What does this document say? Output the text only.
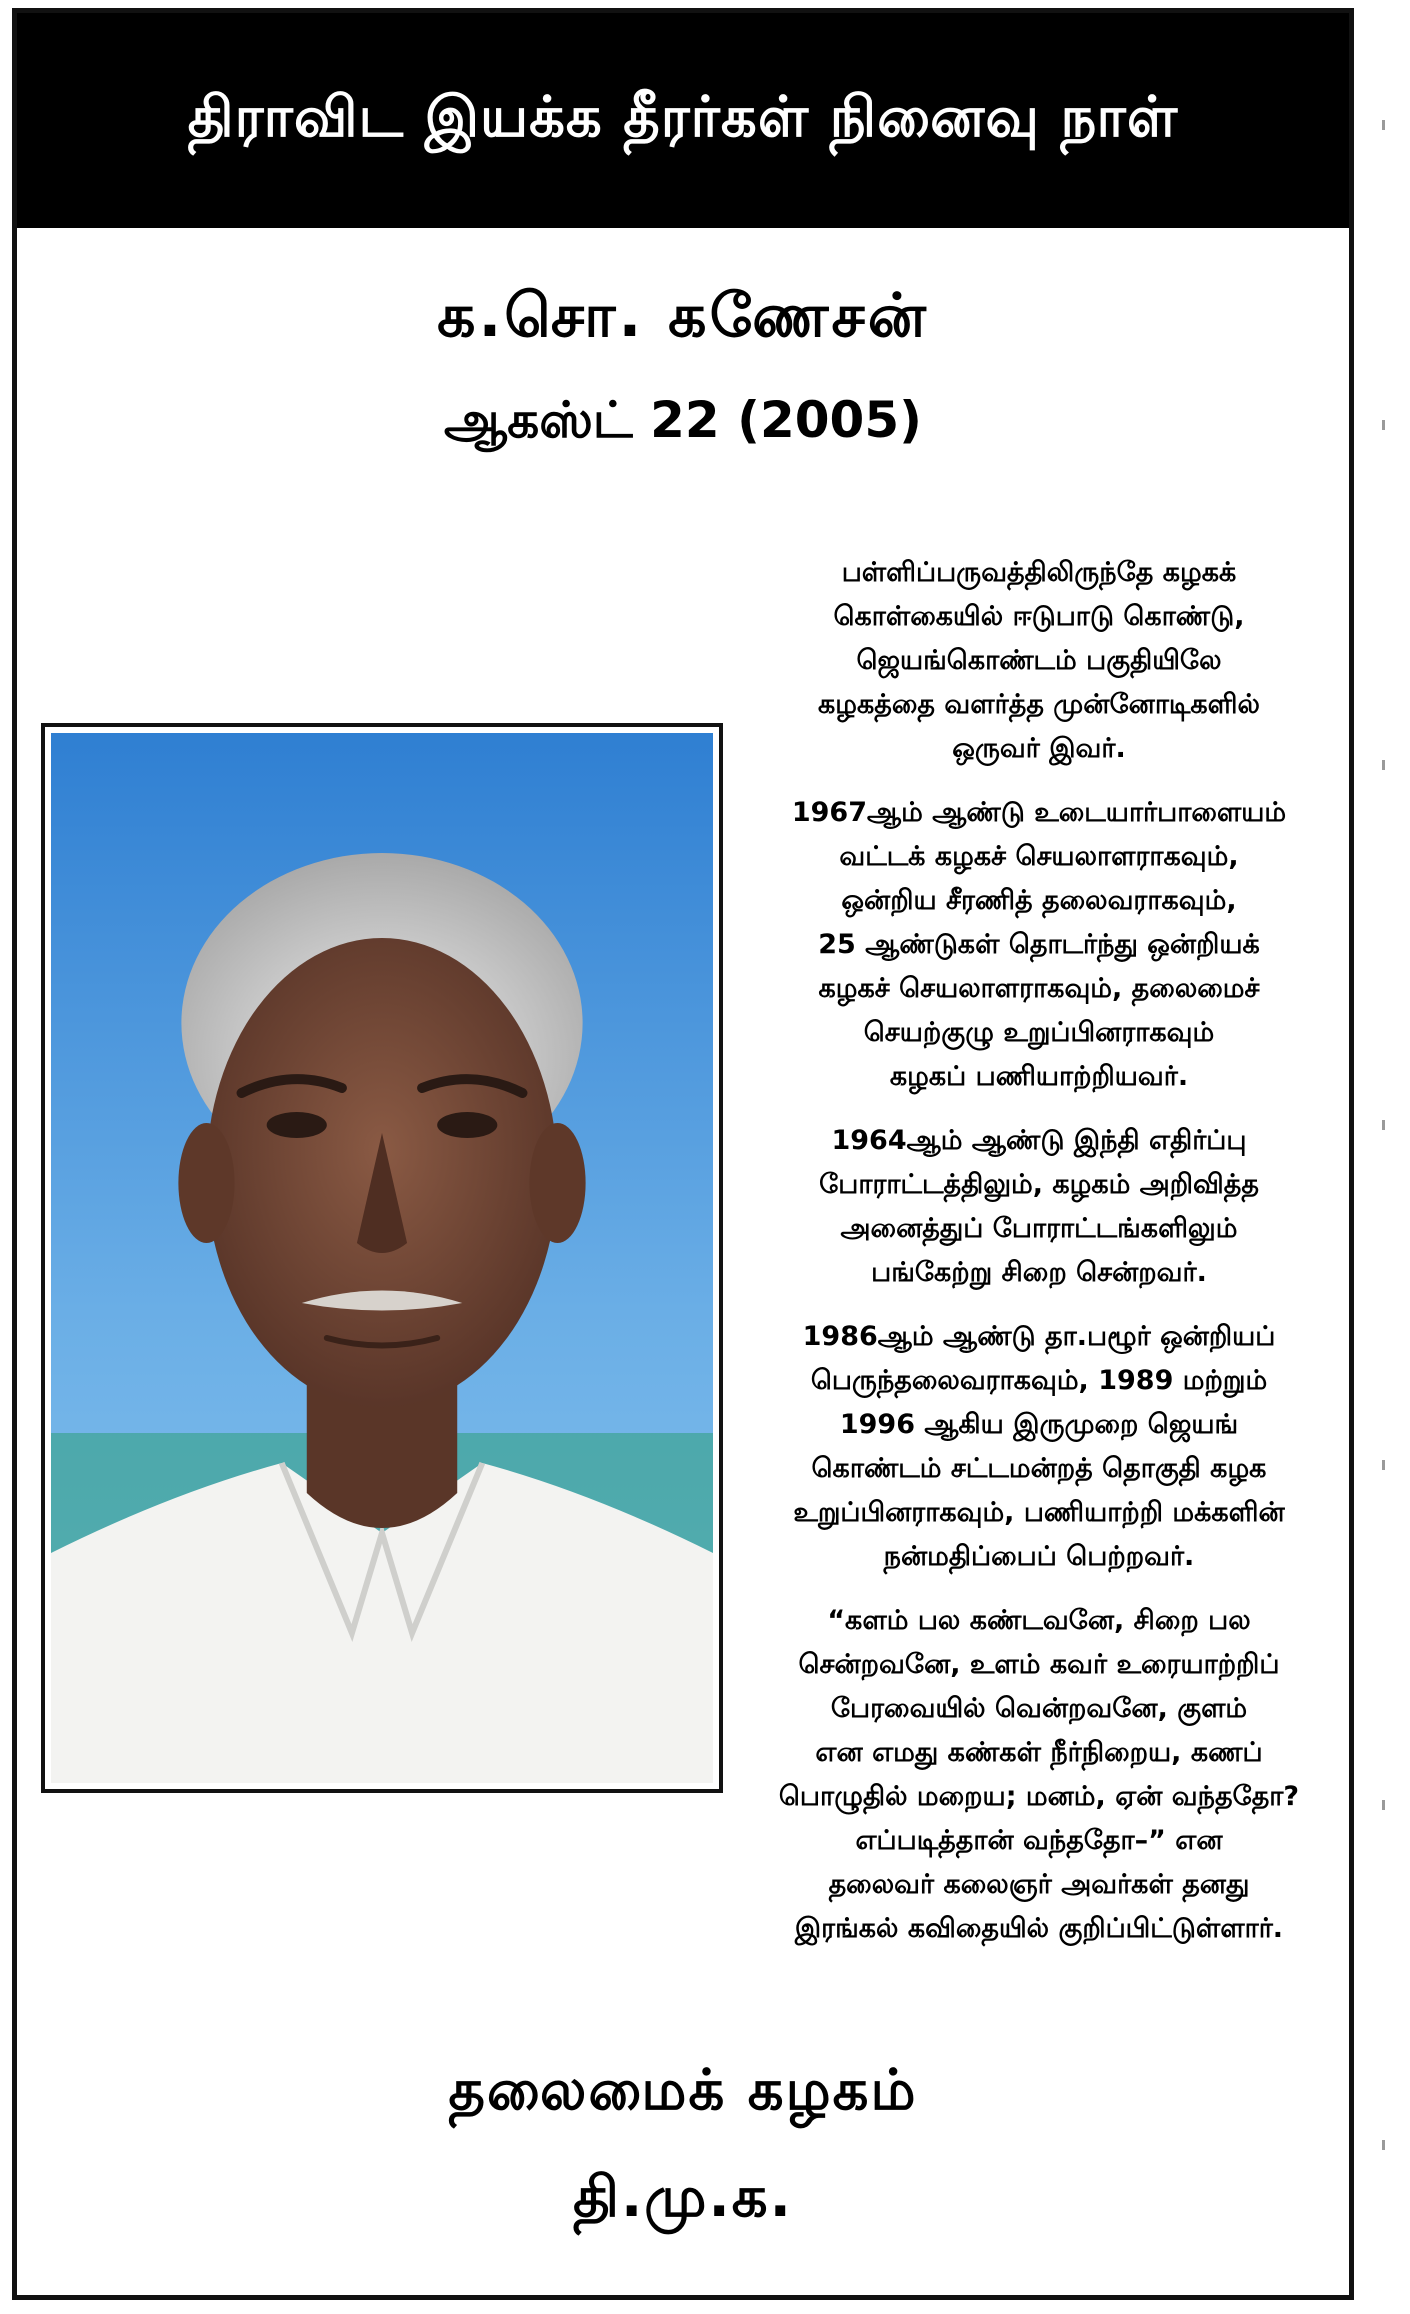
திராவிட இயக்க தீரர்கள் நினைவு நாள்
க.சொ. கணேசன்
ஆகஸ்ட் 22 (2005)

பள்ளிப்பருவத்திலிருந்தே கழகக்
கொள்கையில் ஈடுபாடு கொண்டு,
ஜெயங்கொண்டம் பகுதியிலே
கழகத்தை வளர்த்த முன்னோடிகளில்
ஒருவர் இவர்.

1967ஆம் ஆண்டு உடையார்பாளையம்
வட்டக் கழகச் செயலாளராகவும்,
ஒன்றிய சீரணித் தலைவராகவும்,
25 ஆண்டுகள் தொடர்ந்து ஒன்றியக்
கழகச் செயலாளராகவும், தலைமைச்
செயற்குழு உறுப்பினராகவும்
கழகப் பணியாற்றியவர்.

1964ஆம் ஆண்டு இந்தி எதிர்ப்பு
போராட்டத்திலும், கழகம் அறிவித்த
அனைத்துப் போராட்டங்களிலும்
பங்கேற்று சிறை சென்றவர்.

1986ஆம் ஆண்டு தா.பழூர் ஒன்றியப்
பெருந்தலைவராகவும், 1989 மற்றும்
1996 ஆகிய இருமுறை ஜெயங்
கொண்டம் சட்டமன்றத் தொகுதி கழக
உறுப்பினராகவும், பணியாற்றி மக்களின்
நன்மதிப்பைப் பெற்றவர்.

“களம் பல கண்டவனே, சிறை பல
சென்றவனே, உளம் கவர் உரையாற்றிப்
பேரவையில் வென்றவனே, குளம்
என எமது கண்கள் நீர்நிறைய, கணப்
பொழுதில் மறைய; மனம், ஏன் வந்ததோ?
எப்படித்தான் வந்ததோ–” என
தலைவர் கலைஞர் அவர்கள் தனது
இரங்கல் கவிதையில் குறிப்பிட்டுள்ளார்.

தலைமைக் கழகம்
தி.மு.க.
